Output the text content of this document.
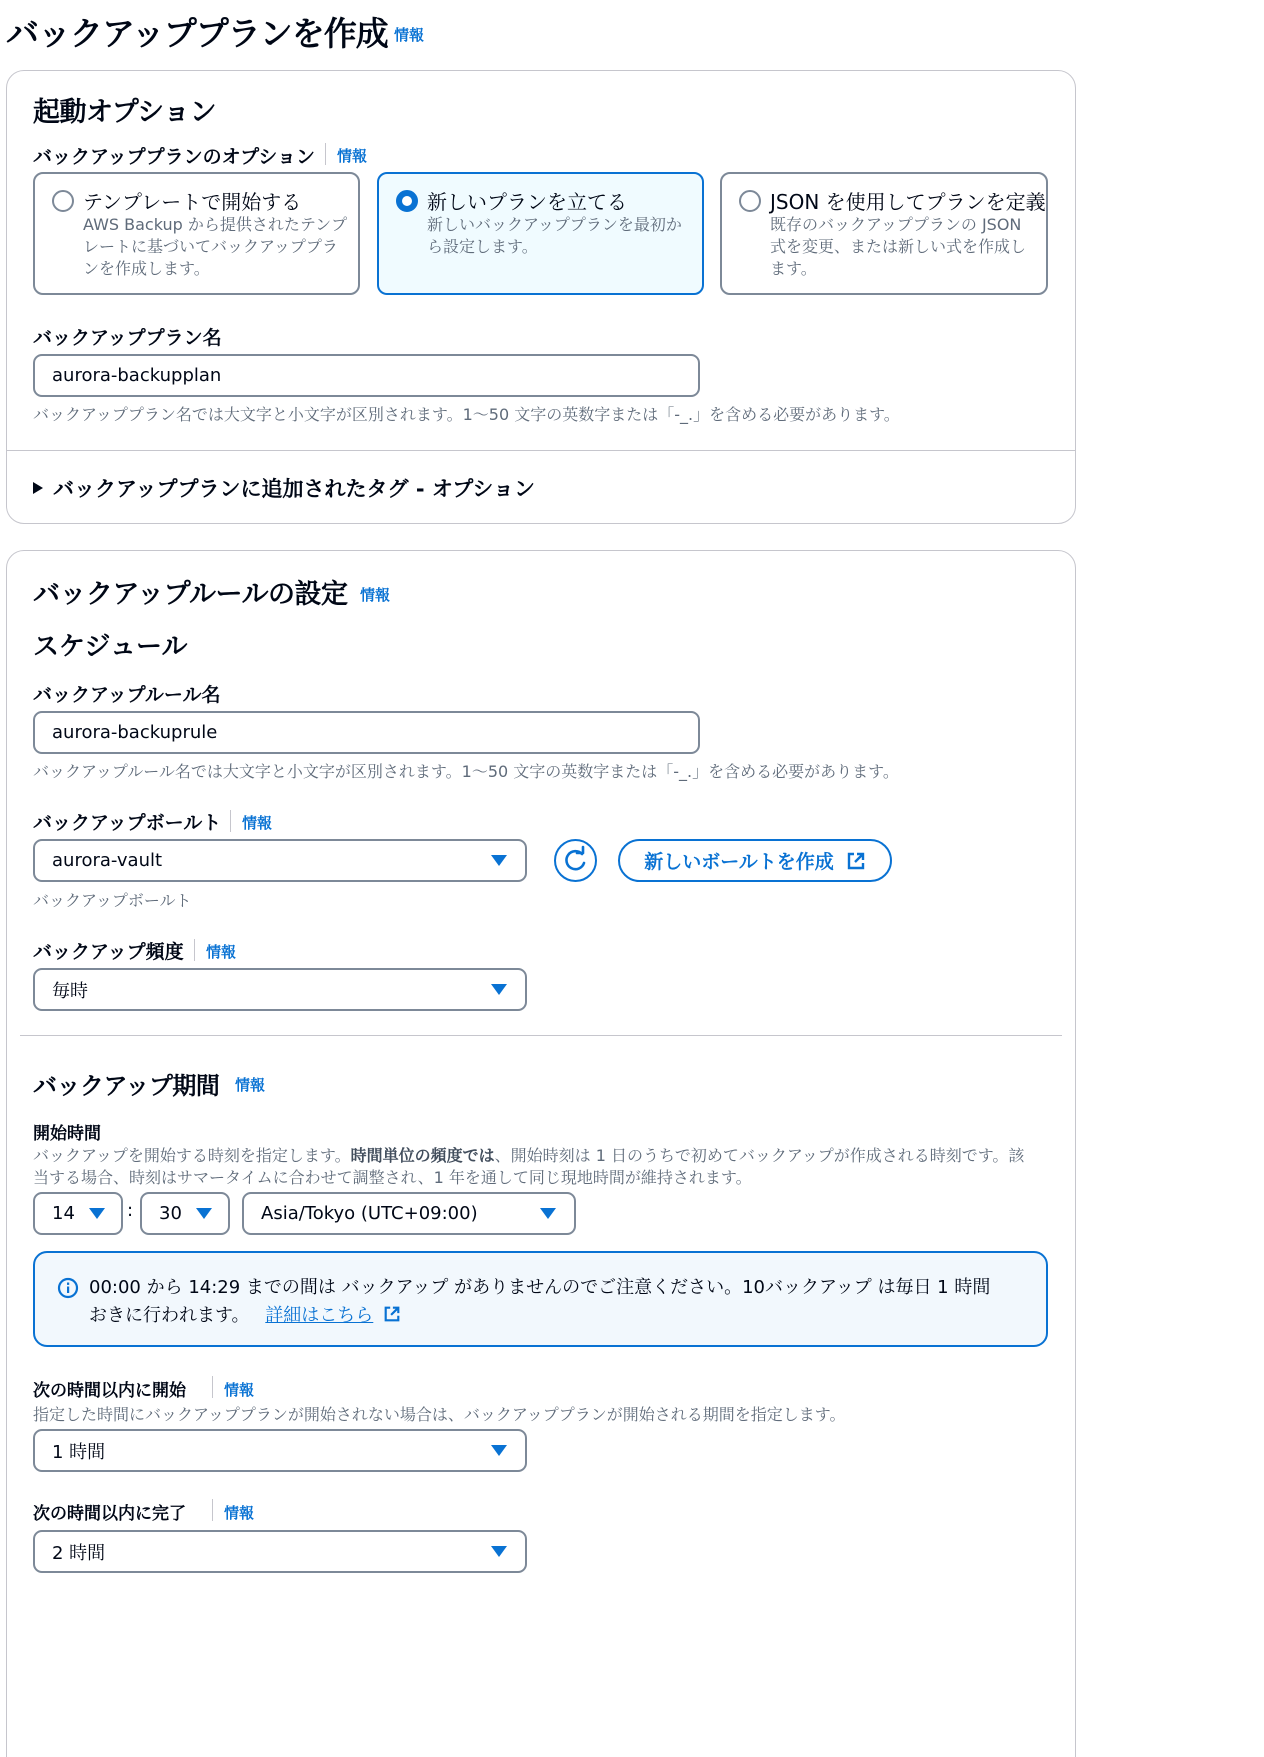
バックアッププランを作成 情報
起動オプション
バックアッププランのオプション 情報
テンプレートで開始する
AWS Backup から提供されたテンプレートに基づいてバックアッププランを作成します。
新しいプランを立てる
新しいバックアッププランを最初から設定します。
JSON を使用してプランを定義
既存のバックアッププランの JSON 式を変更、または新しい式を作成します。
バックアッププラン名
aurora-backupplan
バックアッププラン名では大文字と小文字が区別されます。1〜50 文字の英数字または「-_.」を含める必要があります。
バックアッププランに追加されたタグ - オプション
バックアップルールの設定 情報
スケジュール
バックアップルール名
aurora-backuprule
バックアップルール名では大文字と小文字が区別されます。1〜50 文字の英数字または「-_.」を含める必要があります。
バックアップボールト 情報
aurora-vault	新しいボールトを作成
バックアップボールト
バックアップ頻度 情報
毎時
バックアップ期間 情報
開始時間
バックアップを開始する時刻を指定します。時間単位の頻度では、開始時刻は 1 日のうちで初めてバックアップが作成される時刻です。該
当する場合、時刻はサマータイムに合わせて調整され、1 年を通して同じ現地時間が維持されます。
14	: 30	Asia/Tokyo (UTC+09:00)
00:00 から 14:29 までの間は バックアップ がありませんのでご注意ください。10バックアップ は毎日 1 時間
おきに行われます。 詳細はこちら
次の時間以内に開始	情報
指定した時間にバックアッププランが開始されない場合は、バックアッププランが開始される期間を指定します。
1 時間
次の時間以内に完了	情報
2 時間
